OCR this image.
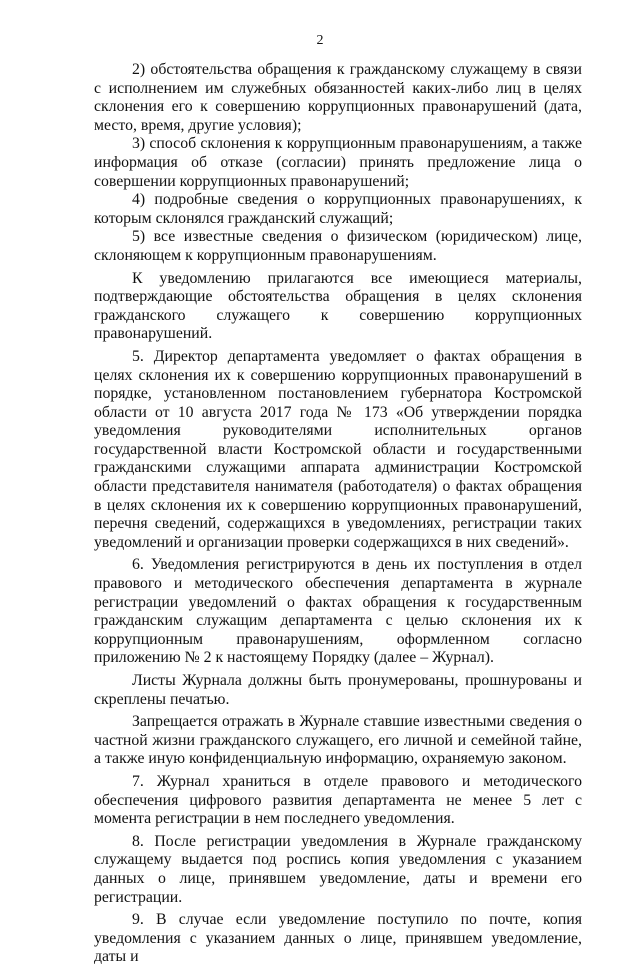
2

2) обстоятельства обращения к гражданскому служащему в связи с исполнением им служебных обязанностей каких-либо лиц в целях склонения его к совершению коррупционных правонарушений (дата, место, время, другие условия);

3) способ склонения к коррупционным правонарушениям, а также информация об отказе (согласии) принять предложение лица о совершении коррупционных правонарушений;

4) подробные сведения о коррупционных правонарушениях, к которым склонялся гражданский служащий;

5) все известные сведения о физическом (юридическом) лице, склоняющем к коррупционным правонарушениям.

К уведомлению прилагаются все имеющиеся материалы, подтверждающие обстоятельства обращения в целях склонения гражданского служащего к совершению коррупционных правонарушений.

5. Директор департамента уведомляет о фактах обращения в целях склонения их к совершению коррупционных правонарушений в порядке, установленном постановлением губернатора Костромской области от 10 августа 2017 года № 173 «Об утверждении порядка уведомления руководителями исполнительных органов государственной власти Костромской области и государственными гражданскими служащими аппарата администрации Костромской области представителя нанимателя (работодателя) о фактах обращения в целях склонения их к совершению коррупционных правонарушений, перечня сведений, содержащихся в уведомлениях, регистрации таких уведомлений и организации проверки содержащихся в них сведений».

6. Уведомления регистрируются в день их поступления в отдел правового и методического обеспечения департамента в журнале регистрации уведомлений о фактах обращения к государственным гражданским служащим департамента с целью склонения их к коррупционным правонарушениям, оформленном согласно приложению № 2 к настоящему Порядку (далее – Журнал).

Листы Журнала должны быть пронумерованы, прошнурованы и скреплены печатью.

Запрещается отражать в Журнале ставшие известными сведения о частной жизни гражданского служащего, его личной и семейной тайне, а также иную конфиденциальную информацию, охраняемую законом.

7. Журнал храниться в отделе правового и методического обеспечения цифрового развития департамента не менее 5 лет с момента регистрации в нем последнего уведомления.

8. После регистрации уведомления в Журнале гражданскому служащему выдается под роспись копия уведомления с указанием данных о лице, принявшем уведомление, даты и времени его регистрации.

9. В случае если уведомление поступило по почте, копия уведомления с указанием данных о лице, принявшем уведомление, даты и
